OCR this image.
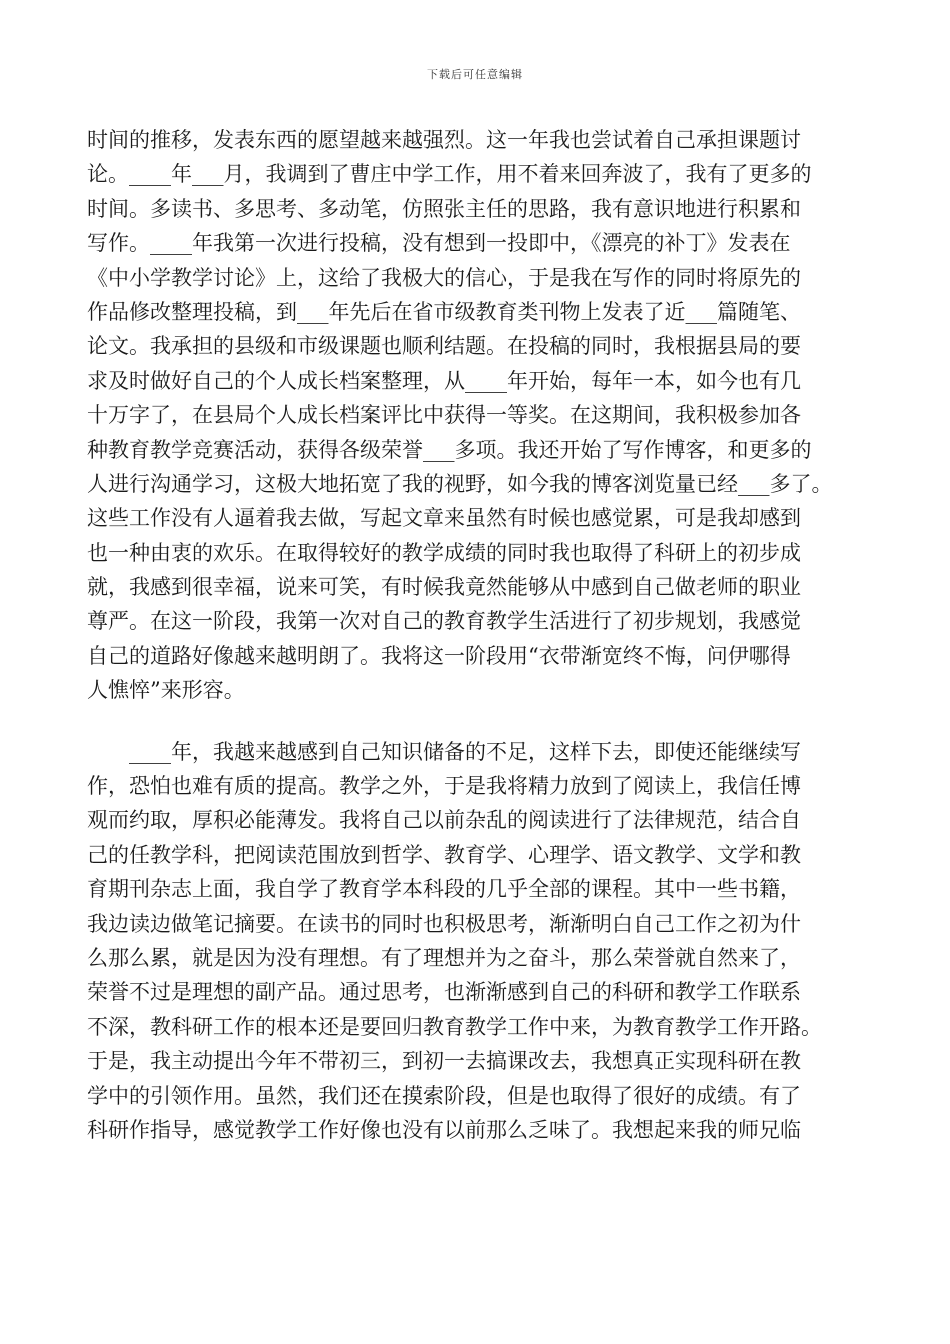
下载后可任意编辑
时间的推移，发表东西的愿望越来越强烈。这一年我也尝试着自己承担课题讨
论。____年___月，我调到了曹庄中学工作，用不着来回奔波了，我有了更多的
时间。多读书、多思考、多动笔，仿照张主任的思路，我有意识地进行积累和
写作。____年我第一次进行投稿，没有想到一投即中，《漂亮的补丁》发表在
《中小学教学讨论》上，这给了我极大的信心，于是我在写作的同时将原先的
作品修改整理投稿，到___年先后在省市级教育类刊物上发表了近___篇随笔、
论文。我承担的县级和市级课题也顺利结题。在投稿的同时，我根据县局的要
求及时做好自己的个人成长档案整理，从____年开始，每年一本，如今也有几
十万字了，在县局个人成长档案评比中获得一等奖。在这期间，我积极参加各
种教育教学竞赛活动，获得各级荣誉___多项。我还开始了写作博客，和更多的
人进行沟通学习，这极大地拓宽了我的视野，如今我的博客浏览量已经___多了。
这些工作没有人逼着我去做，写起文章来虽然有时候也感觉累，可是我却感到
也一种由衷的欢乐。在取得较好的教学成绩的同时我也取得了科研上的初步成
就，我感到很幸福，说来可笑，有时候我竟然能够从中感到自己做老师的职业
尊严。在这一阶段，我第一次对自己的教育教学生活进行了初步规划，我感觉
自己的道路好像越来越明朗了。我将这一阶段用“衣带渐宽终不悔，问伊哪得
人憔悴”来形容。
　　____年，我越来越感到自己知识储备的不足，这样下去，即使还能继续写
作，恐怕也难有质的提高。教学之外，于是我将精力放到了阅读上，我信任博
观而约取，厚积必能薄发。我将自己以前杂乱的阅读进行了法律规范，结合自
己的任教学科，把阅读范围放到哲学、教育学、心理学、语文教学、文学和教
育期刊杂志上面，我自学了教育学本科段的几乎全部的课程。其中一些书籍，
我边读边做笔记摘要。在读书的同时也积极思考，渐渐明白自己工作之初为什
么那么累，就是因为没有理想。有了理想并为之奋斗，那么荣誉就自然来了，
荣誉不过是理想的副产品。通过思考，也渐渐感到自己的科研和教学工作联系
不深，教科研工作的根本还是要回归教育教学工作中来，为教育教学工作开路。
于是，我主动提出今年不带初三，到初一去搞课改去，我想真正实现科研在教
学中的引领作用。虽然，我们还在摸索阶段，但是也取得了很好的成绩。有了
科研作指导，感觉教学工作好像也没有以前那么乏味了。我想起来我的师兄临
